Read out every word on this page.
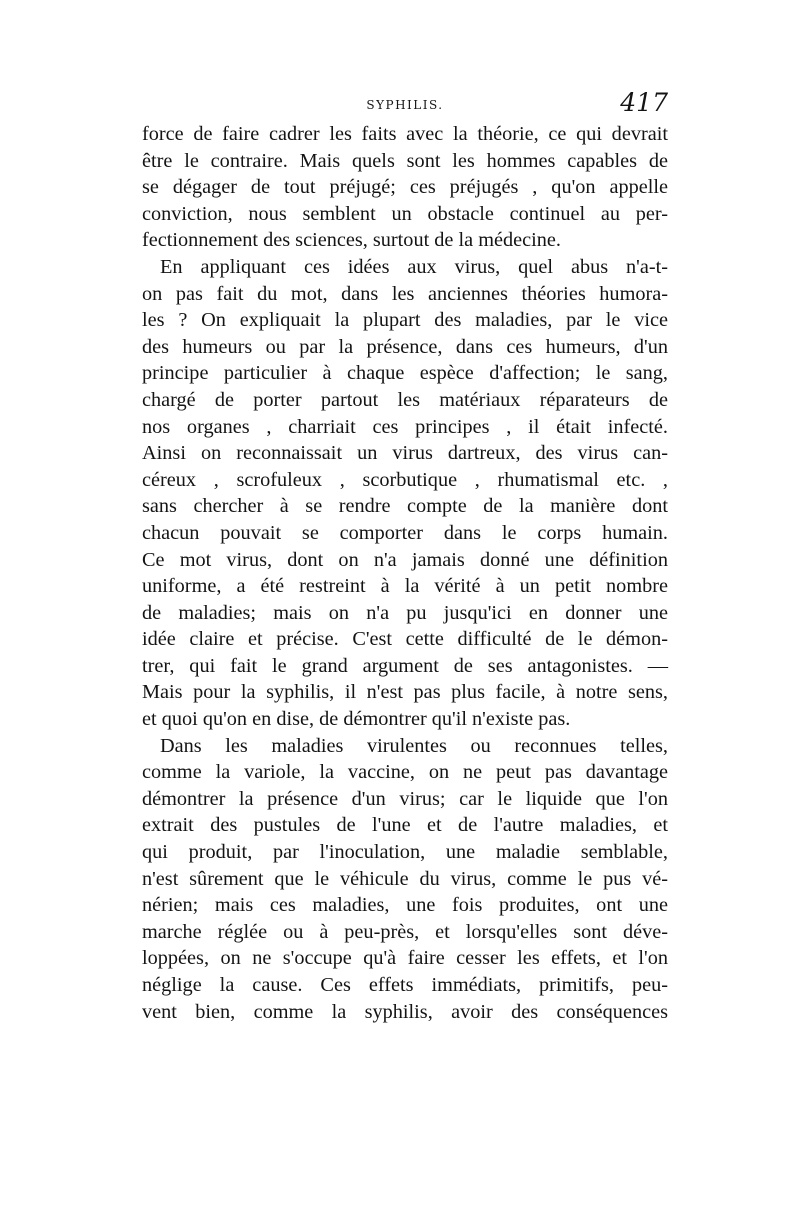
SYPHILIS.	417
force de faire cadrer les faits avec la théorie, ce qui devrait
être le contraire. Mais quels sont les hommes capables de
se dégager de tout préjugé; ces préjugés , qu'on appelle
conviction, nous semblent un obstacle continuel au per-
fectionnement des sciences, surtout de la médecine.
En appliquant ces idées aux virus, quel abus n'a-t-
on pas fait du mot, dans les anciennes théories humora-
les ? On expliquait la plupart des maladies, par le vice
des humeurs ou par la présence, dans ces humeurs, d'un
principe particulier à chaque espèce d'affection; le sang,
chargé de porter partout les matériaux réparateurs de
nos organes , charriait ces principes , il était infecté.
Ainsi on reconnaissait un virus dartreux, des virus can-
céreux , scrofuleux , scorbutique , rhumatismal etc. ,
sans chercher à se rendre compte de la manière dont
chacun pouvait se comporter dans le corps humain.
Ce mot virus, dont on n'a jamais donné une définition
uniforme, a été restreint à la vérité à un petit nombre
de maladies; mais on n'a pu jusqu'ici en donner une
idée claire et précise. C'est cette difficulté de le démon-
trer, qui fait le grand argument de ses antagonistes. —
Mais pour la syphilis, il n'est pas plus facile, à notre sens,
et quoi qu'on en dise, de démontrer qu'il n'existe pas.
Dans les maladies virulentes ou reconnues telles,
comme la variole, la vaccine, on ne peut pas davantage
démontrer la présence d'un virus; car le liquide que l'on
extrait des pustules de l'une et de l'autre maladies, et
qui produit, par l'inoculation, une maladie semblable,
n'est sûrement que le véhicule du virus, comme le pus vé-
nérien; mais ces maladies, une fois produites, ont une
marche réglée ou à peu-près, et lorsqu'elles sont déve-
loppées, on ne s'occupe qu'à faire cesser les effets, et l'on
néglige la cause. Ces effets immédiats, primitifs, peu-
vent bien, comme la syphilis, avoir des conséquences
